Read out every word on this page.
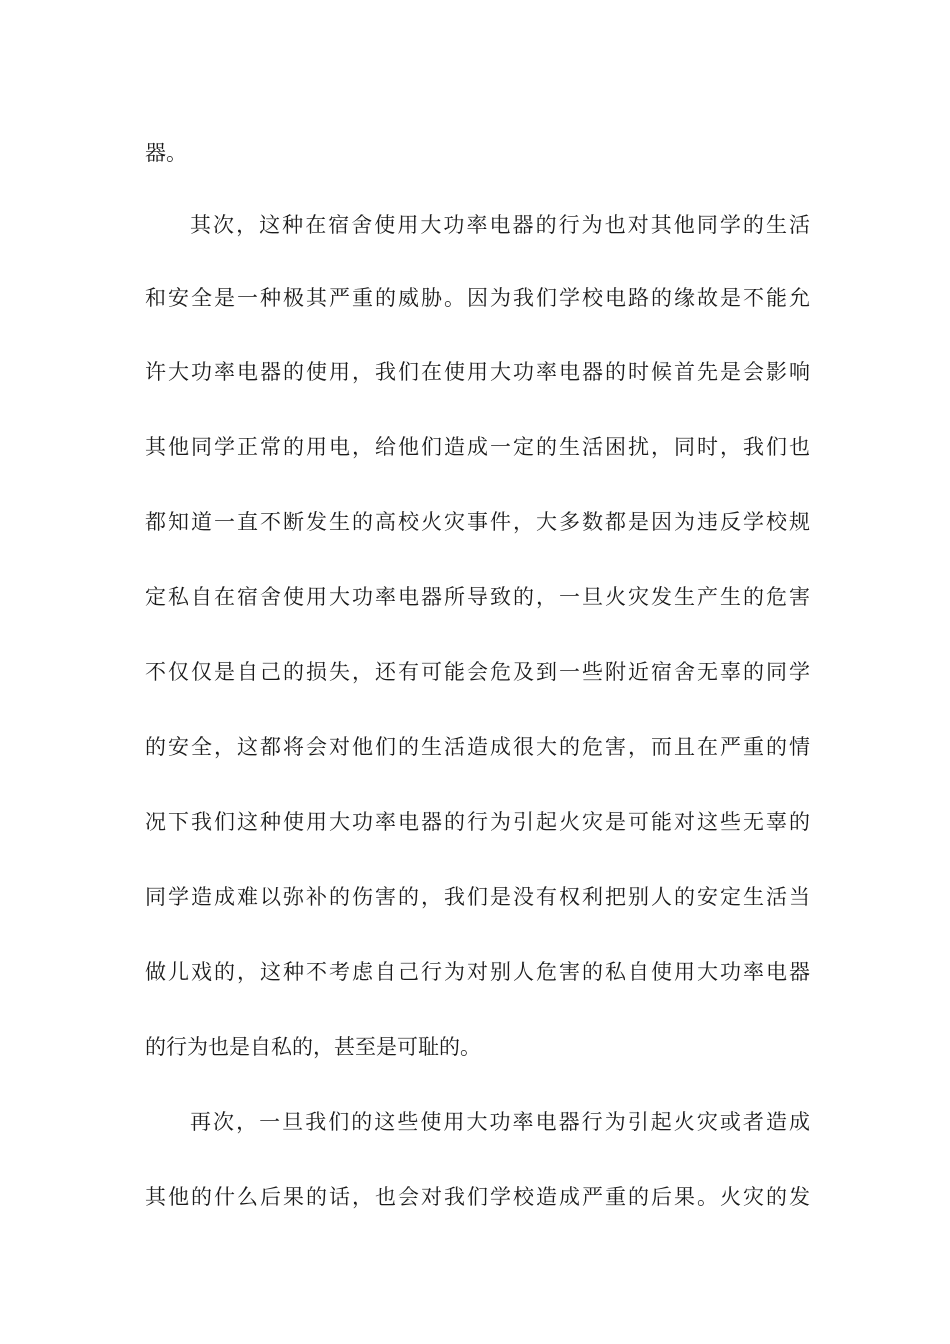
器。
其次，这种在宿舍使用大功率电器的行为也对其他同学的生活
和安全是一种极其严重的威胁。因为我们学校电路的缘故是不能允
许大功率电器的使用，我们在使用大功率电器的时候首先是会影响
其他同学正常的用电，给他们造成一定的生活困扰，同时，我们也
都知道一直不断发生的高校火灾事件，大多数都是因为违反学校规
定私自在宿舍使用大功率电器所导致的，一旦火灾发生产生的危害
不仅仅是自己的损失，还有可能会危及到一些附近宿舍无辜的同学
的安全，这都将会对他们的生活造成很大的危害，而且在严重的情
况下我们这种使用大功率电器的行为引起火灾是可能对这些无辜的
同学造成难以弥补的伤害的，我们是没有权利把别人的安定生活当
做儿戏的，这种不考虑自己行为对别人危害的私自使用大功率电器
的行为也是自私的，甚至是可耻的。
再次，一旦我们的这些使用大功率电器行为引起火灾或者造成
其他的什么后果的话，也会对我们学校造成严重的后果。火灾的发
